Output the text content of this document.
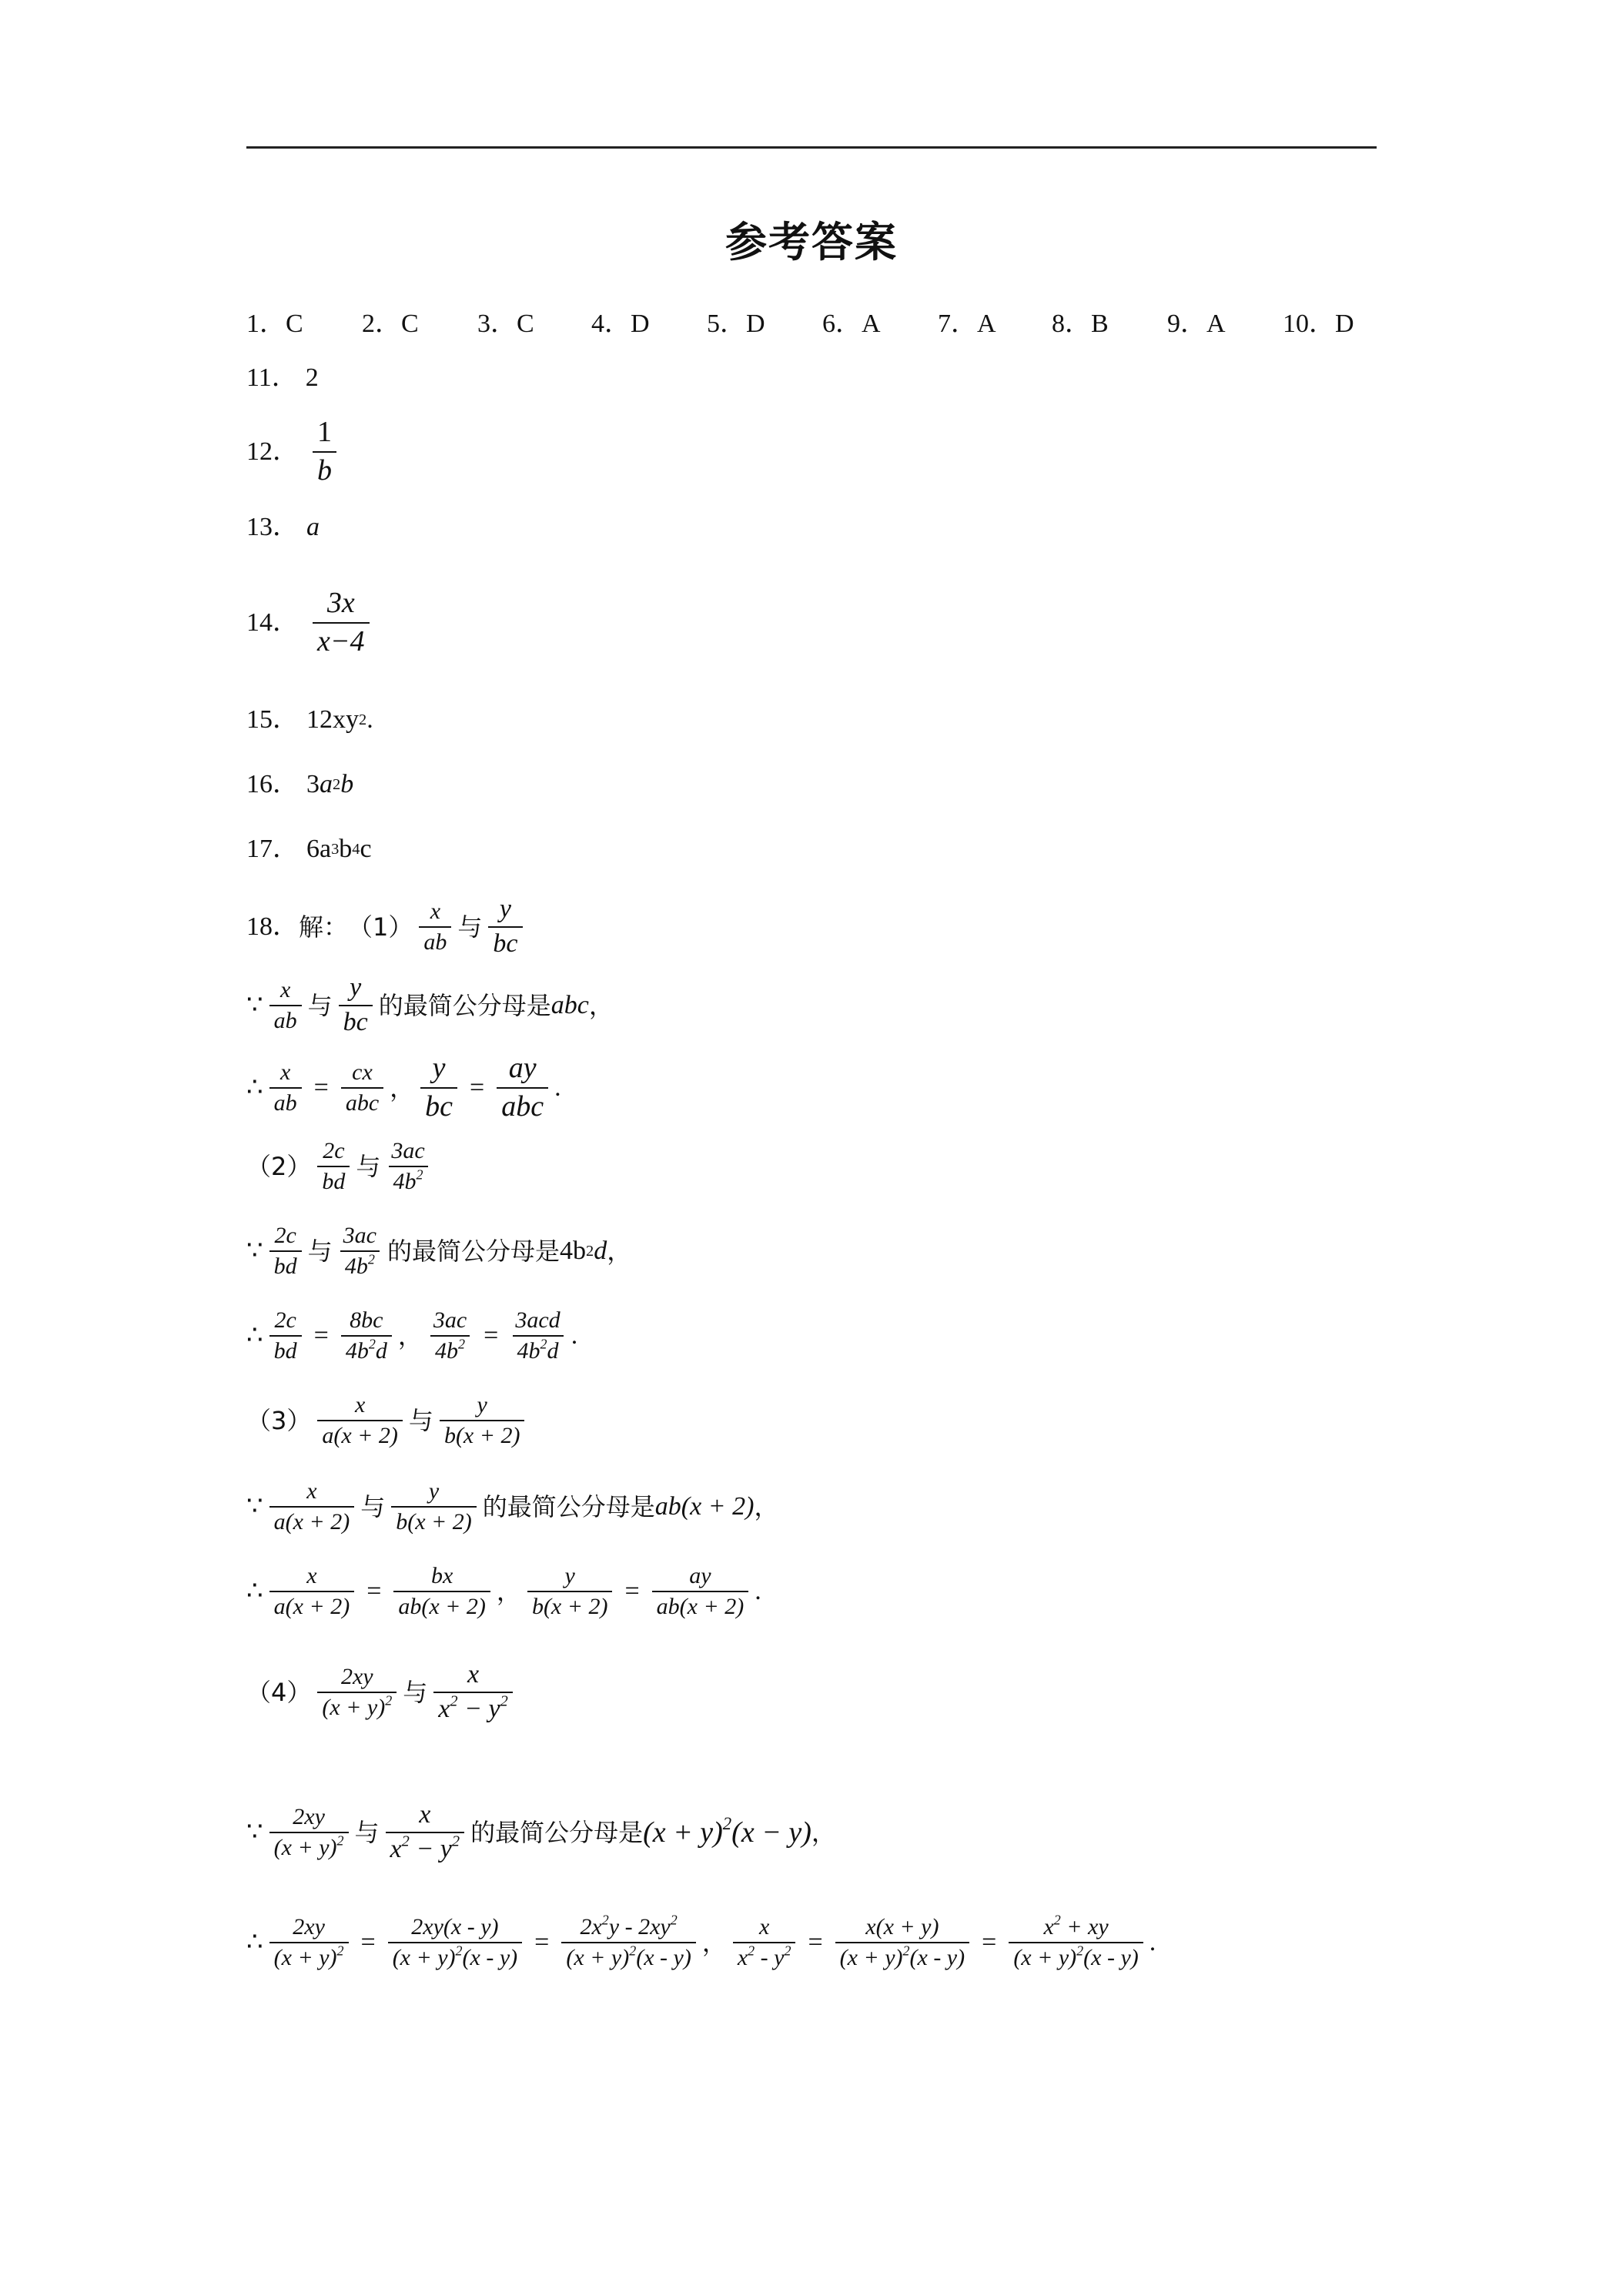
参考答案
1．C 2．C 3．C 4．D 5．D 6．A 7．A 8．B 9．A 10．D
11． 2
12． $\frac{1}{b}$
13． a
14． $\frac{3x}{x-4}$
15． 12xy 2 .
16． 3 a 2 b
17． 6a 3 b 4 c
18． 解： $(1) \frac{x}{ab}$ 与 $\frac{y}{bc}$
∵ $\frac{x}{ab}$ 与 $\frac{y}{bc}$ 的最简公分母是 abc ，
∴ $\frac{x}{ab} = \frac{cx}{\text{abc}}$ ， $\frac{y}{bc} = \frac{ay}{\text{abc}}$ .
$(2) \frac{2c}{bd}$ 与 $\frac{3ac}{4b^2}$
∵ $\frac{2c}{bd}$ 与 $\frac{3ac}{4b^2}$ 的最简公分母是 4b 2 d ，
∴ $\frac{2c}{bd} = \frac{8bc}{4b^2d}$ ， $\frac{3ac}{4b^2} = \frac{\text{3acd}}{4b^2d}$ .
$(3) \frac{x}{a(x + 2)}$ 与 $\frac{y}{b(x + 2)}$
∵ $\frac{x}{a(x + 2)}$ 与 $\frac{y}{b(x + 2)}$ 的最简公分母是 ab(x + 2) ，
∴ $\frac{x}{a(x + 2)} = \frac{bx}{ab(x + 2)}$ ， $\frac{y}{b(x + 2)} = \frac{ay}{ab(x + 2)}$ .
$(4) \frac{2xy}{(x + y)^2}$ 与 $\frac{x}{x^2 - y^2}$
∵ $\frac{2xy}{(x + y)^2}$ 与 $\frac{x}{x^2 - y^2}$ 的最简公分母是 $(x + y)^2(x - y)$ ，
∴ $\frac{2xy}{(x + y)^2} = \frac{2xy(x - y)}{(x + y)^2(x - y)} = \frac{2x^2y - 2xy^2}{(x + y)^2(x - y)}$ ， $\frac{x}{x^2 - y^2} = \frac{x(x + y)}{(x + y)^2(x - y)} = \frac{x^2 + xy}{(x + y)^2(x - y)}$ .
